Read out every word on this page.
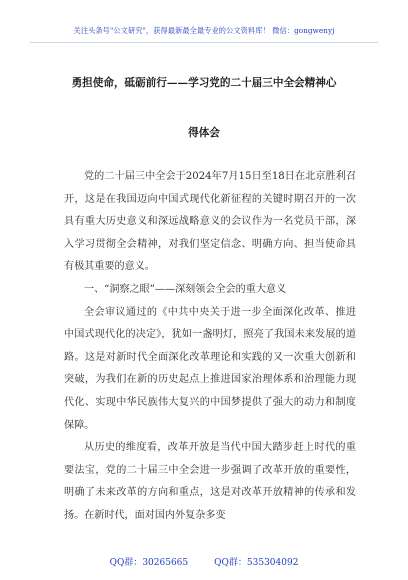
关注头条号"公文研究"，获得最新最全最专业的公文资料库！ 微信：gongwenyj
勇担使命，砥砺前行——学习党的二十届三中全会精神心
得体会

党的二十届三中全会于2024年7月15日至18日在北京胜利召开，这是在我国迈向中国式现代化新征程的关键时期召开的一次具有重大历史意义和深远战略意义的会议作为一名党员干部，深入学习贯彻全会精神，对我们坚定信念、明确方向、担当使命具有极其重要的意义。

一、“洞察之眼”——深刻领会全会的重大意义

全会审议通过的《中共中央关于进一步全面深化改革、推进中国式现代化的决定》，犹如一盏明灯，照亮了我国未来发展的道路。这是对新时代全面深化改革理论和实践的又一次重大创新和突破，为我们在新的历史起点上推进国家治理体系和治理能力现代化、实现中华民族伟大复兴的中国梦提供了强大的动力和制度保障。

从历史的维度看，改革开放是当代中国大踏步赶上时代的重要法宝，党的二十届三中全会进一步强调了改革开放的重要性，明确了未来改革的方向和重点，这是对改革开放精神的传承和发扬。在新时代，面对国内外复杂多变

QQ群：30265665	QQ群：535304092
